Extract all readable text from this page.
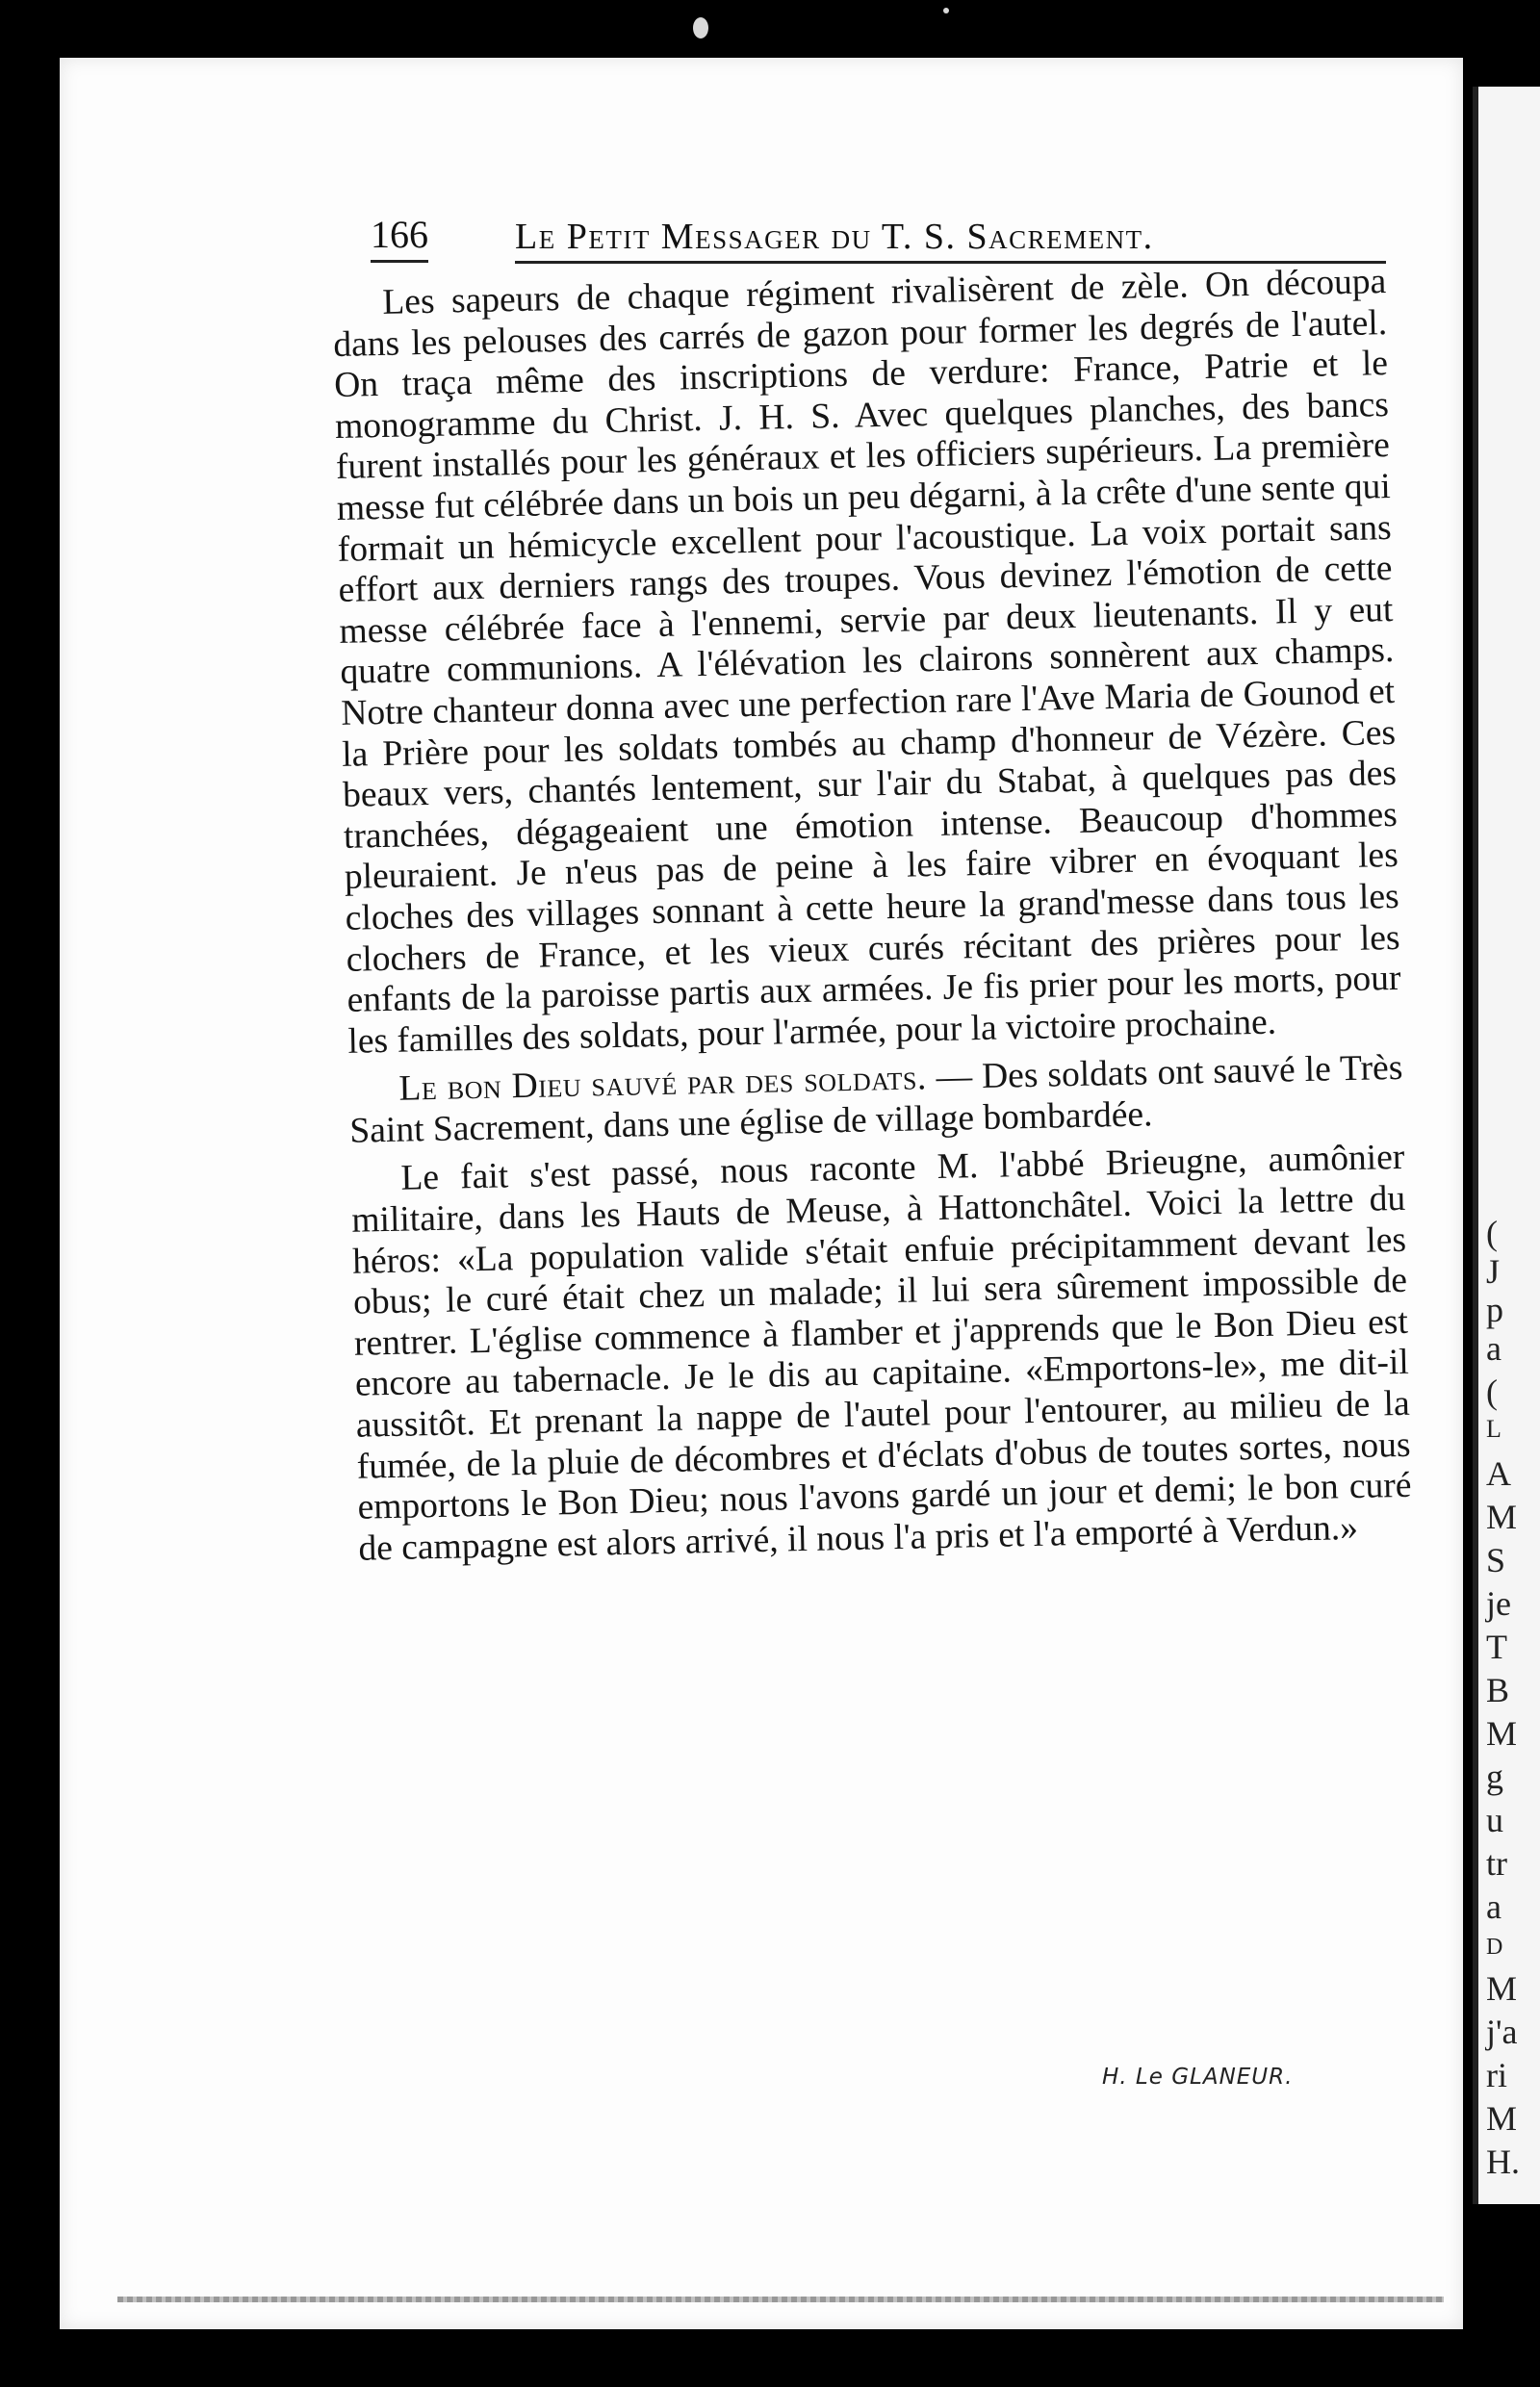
(
J
p
a
(
L
A
M
S
je
T
B
M
g
u
tr
a
D
M
j'a
ri
M
H.
166 Le Petit Messager du T. S. Sacrement.

Les sapeurs de chaque régiment rivalisèrent de zèle. On découpa dans les pelouses des carrés de gazon pour former les degrés de l'autel. On traça même des inscriptions de verdure: France, Patrie et le monogramme du Christ. J. H. S. Avec quelques planches, des bancs furent installés pour les généraux et les officiers supérieurs. La première messe fut célébrée dans un bois un peu dégarni, à la crête d'une sente qui formait un hémicycle excellent pour l'acoustique. La voix portait sans effort aux derniers rangs des troupes. Vous devinez l'émotion de cette messe célébrée face à l'ennemi, servie par deux lieutenants. Il y eut quatre communions. A l'élévation les clairons sonnèrent aux champs. Notre chanteur donna avec une perfection rare l'Ave Maria de Gounod et la Prière pour les soldats tombés au champ d'honneur de Vézère. Ces beaux vers, chantés lentement, sur l'air du Stabat, à quelques pas des tranchées, dégageaient une émotion intense. Beaucoup d'hommes pleuraient. Je n'eus pas de peine à les faire vibrer en évoquant les cloches des villages sonnant à cette heure la grand'messe dans tous les clochers de France, et les vieux curés récitant des prières pour les enfants de la paroisse partis aux armées. Je fis prier pour les morts, pour les familles des soldats, pour l'armée, pour la victoire prochaine.

Le bon Dieu sauvé par des soldats. — Des soldats ont sauvé le Très Saint Sacrement, dans une église de village bombardée.

Le fait s'est passé, nous raconte M. l'abbé Brieugne, aumônier militaire, dans les Hauts de Meuse, à Hattonchâtel. Voici la lettre du héros: «La population valide s'était enfuie précipitamment devant les obus; le curé était chez un malade; il lui sera sûrement impossible de rentrer. L'église commence à flamber et j'apprends que le Bon Dieu est encore au tabernacle. Je le dis au capitaine. «Emportons-le», me dit-il aussitôt. Et prenant la nappe de l'autel pour l'entourer, au milieu de la fumée, de la pluie de décombres et d'éclats d'obus de toutes sortes, nous emportons le Bon Dieu; nous l'avons gardé un jour et demi; le bon curé de campagne est alors arrivé, il nous l'a pris et l'a emporté à Verdun.»

H. Le GLANEUR.
